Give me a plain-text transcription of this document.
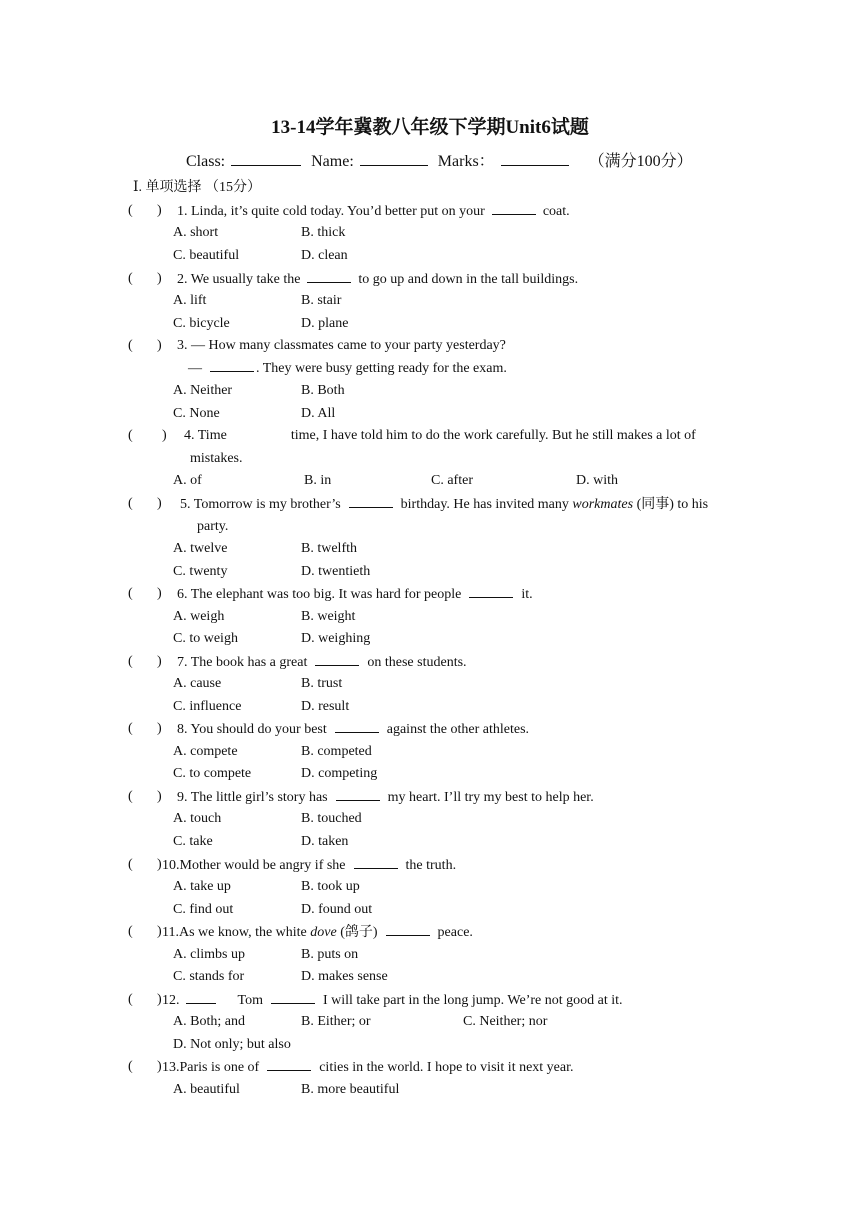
13-14学年冀教八年级下学期Unit6试题
Class:	Name:	Marks：	（满分100分）
Ⅰ. 单项选择 （15分）
( ) 1. Linda, it’s quite cold today. You’d better put on your	coat.
A. short	B. thick
C. beautiful	D. clean
( ) 2. We usually take the	to go up and down in the tall buildings.
A. lift	B. stair
C. bicycle	D. plane
( ) 3. — How many classmates came to your party yesterday?
—	. They were busy getting ready for the exam.
A. Neither	B. Both
C. None	D. All
( ) 4. Time	time, I have told him to do the work carefully. But he still makes a lot of
mistakes.
A. of	B. in	C. after	D. with
( ) 5. Tomorrow is my brother’s	birthday. He has invited many workmates (同事) to his
party.
A. twelve	B. twelfth
C. twenty	D. twentieth
( ) 6. The elephant was too big. It was hard for people	it.
A. weigh	B. weight
C. to weigh	D. weighing
( ) 7. The book has a great	on these students.
A. cause	B. trust
C. influence	D. result
( ) 8. You should do your best	against the other athletes.
A. compete	B. competed
C. to compete	D. competing
( ) 9. The little girl’s story has	my heart. I’ll try my best to help her.
A. touch	B. touched
C. take	D. taken
( ) 10.Mother would be angry if she	the truth.
A. take up	B. took up
C. find out	D. found out
( ) 11.As we know, the white dove (鸽子)	peace.
A. climbs up	B. puts on
C. stands for	D. makes sense
( ) 12.	Tom	I will take part in the long jump. We’re not good at it.
A. Both; and	B. Either; or	C. Neither; nor
D. Not only; but also
( ) 13.Paris is one of	cities in the world. I hope to visit it next year.
A. beautiful	B. more beautiful
